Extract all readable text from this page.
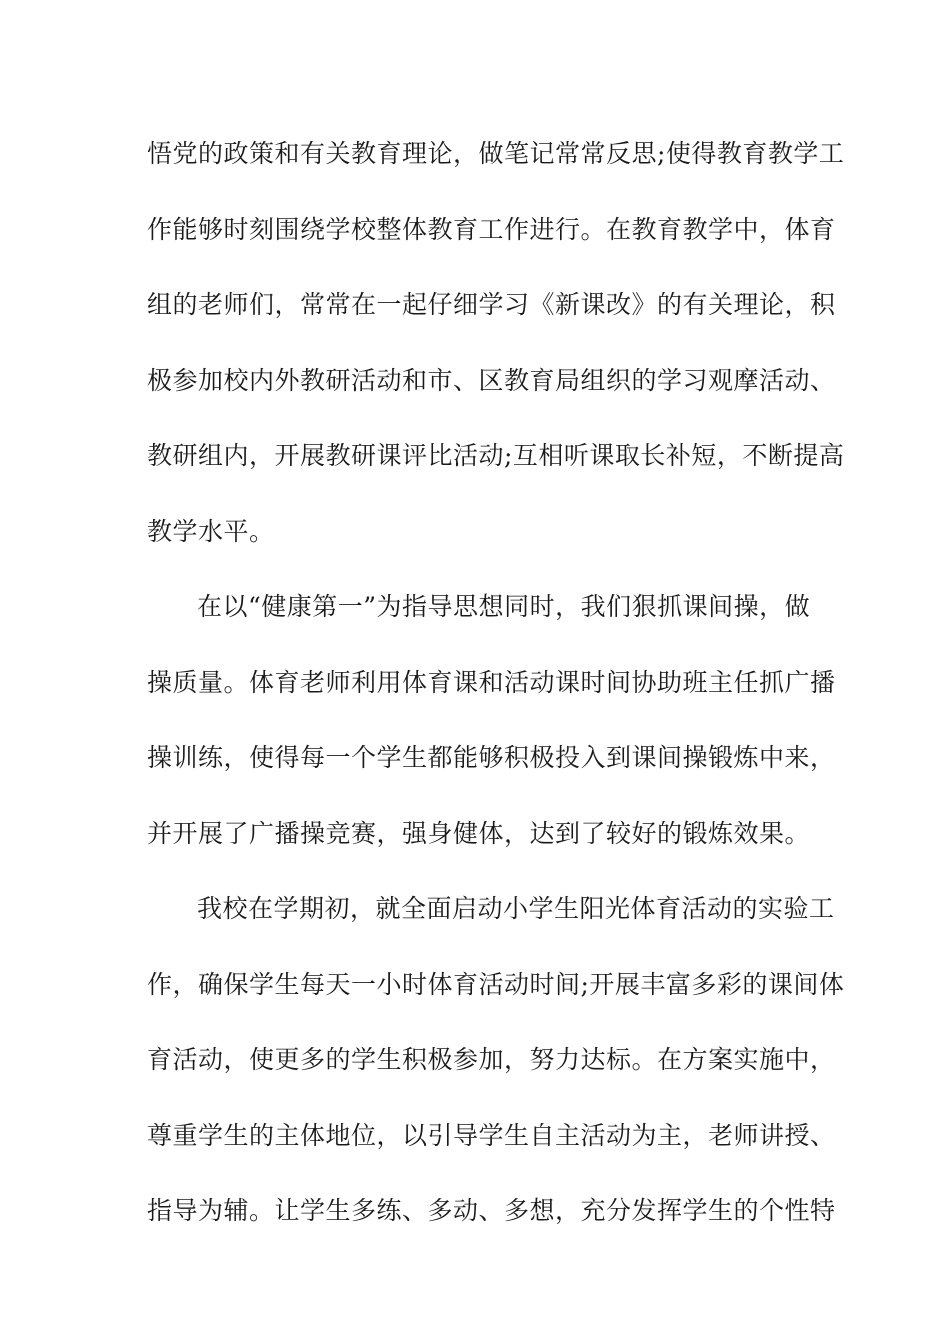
悟党的政策和有关教育理论，做笔记常常反思;使得教育教学工
作能够时刻围绕学校整体教育工作进行。在教育教学中，体育
组的老师们，常常在一起仔细学习《新课改》的有关理论，积
极参加校内外教研活动和市、区教育局组织的学习观摩活动、
教研组内，开展教研课评比活动;互相听课取长补短，不断提高
教学水平。
在以“健康第一”为指导思想同时，我们狠抓课间操，做
操质量。体育老师利用体育课和活动课时间协助班主任抓广播
操训练，使得每一个学生都能够积极投入到课间操锻炼中来，
并开展了广播操竞赛，强身健体，达到了较好的锻炼效果。
我校在学期初，就全面启动小学生阳光体育活动的实验工
作，确保学生每天一小时体育活动时间;开展丰富多彩的课间体
育活动，使更多的学生积极参加，努力达标。在方案实施中，
尊重学生的主体地位，以引导学生自主活动为主，老师讲授、
指导为辅。让学生多练、多动、多想，充分发挥学生的个性特
